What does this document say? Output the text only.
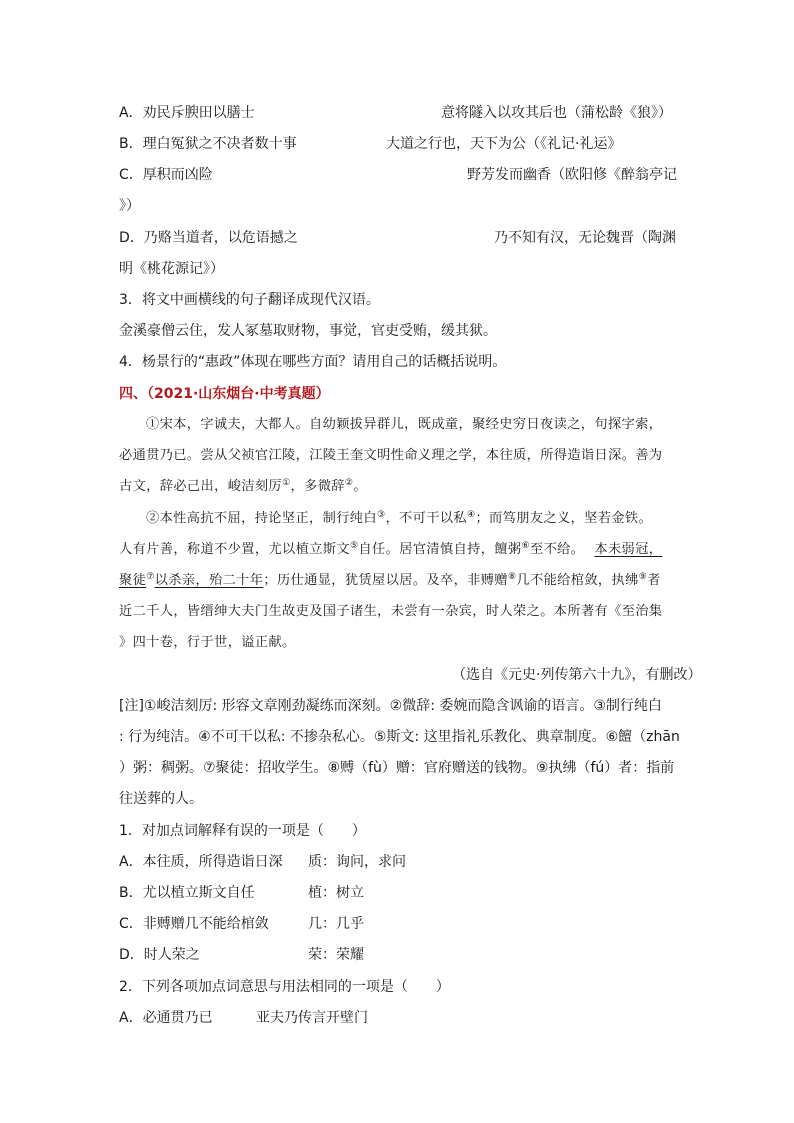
A．劝民斥腴田以膳士	意将隧入以攻其后也（蒲松龄《狼》）
B．理白冤狱之不决者数十事	大道之行也，天下为公（《礼记·礼运》
C．厚积而凶险	野芳发而幽香（欧阳修《醉翁亭记
》）
D．乃赂当道者，以危语撼之	乃不知有汉，无论魏晋（陶渊
明《桃花源记》）
3．将文中画横线的句子翻译成现代汉语。
金溪豪僧云住，发人冢墓取财物，事觉，官吏受贿，缓其狱。
4．杨景行的“惠政”体现在哪些方面？请用自己的话概括说明。
四、（2021·山东烟台·中考真题）
①宋本，字诚夫，大都人。自幼颖拔异群儿，既成童，聚经史穷日夜读之，句探字索，
必通贯乃已。尝从父祯官江陵，江陵王奎文明性命义理之学，本往质，所得造诣日深。善为
古文，辞必己出，峻洁刻厉①，多微辞②。
②本性高抗不屈，持论坚正，制行纯白③，不可干以私④；而笃朋友之义，坚若金铁。
人有片善，称道不少置，尤以植立斯文⑤自任。居官清慎自持，饘粥⑥至不给。 本未弱冠，
聚徒⑦以杀亲，殆二十年；历仕通显，犹赁屋以居。及卒，非赙赠⑧几不能给棺敛，执绋⑨者
近二千人，皆缙绅大夫门生故吏及国子诸生，未尝有一杂宾，时人荣之。本所著有《至治集
》四十卷，行于世，谥正献。
（选自《元史·列传第六十九》，有删改）
[注]①峻洁刻厉: 形容文章刚劲凝练而深刻。②微辞: 委婉而隐含讽谕的语言。③制行纯白
: 行为纯洁。④不可干以私: 不掺杂私心。⑤斯文: 这里指礼乐教化、典章制度。⑥饘（zhān
）粥：稠粥。⑦聚徒：招收学生。⑧赙（fù）赠：官府赠送的钱物。⑨执绋（fú）者：指前
往送葬的人。
1．对加点词解释有误的一项是（　　）
A．本往质，所得造诣日深 质：询问，求问
B．尤以植立斯文自任	植：树立
C．非赙赠几不能给棺敛	几：几乎
D．时人荣之	荣：荣耀
2．下列各项加点词意思与用法相同的一项是（　　）
A．必通贯乃已	亚夫乃传言开壁门
